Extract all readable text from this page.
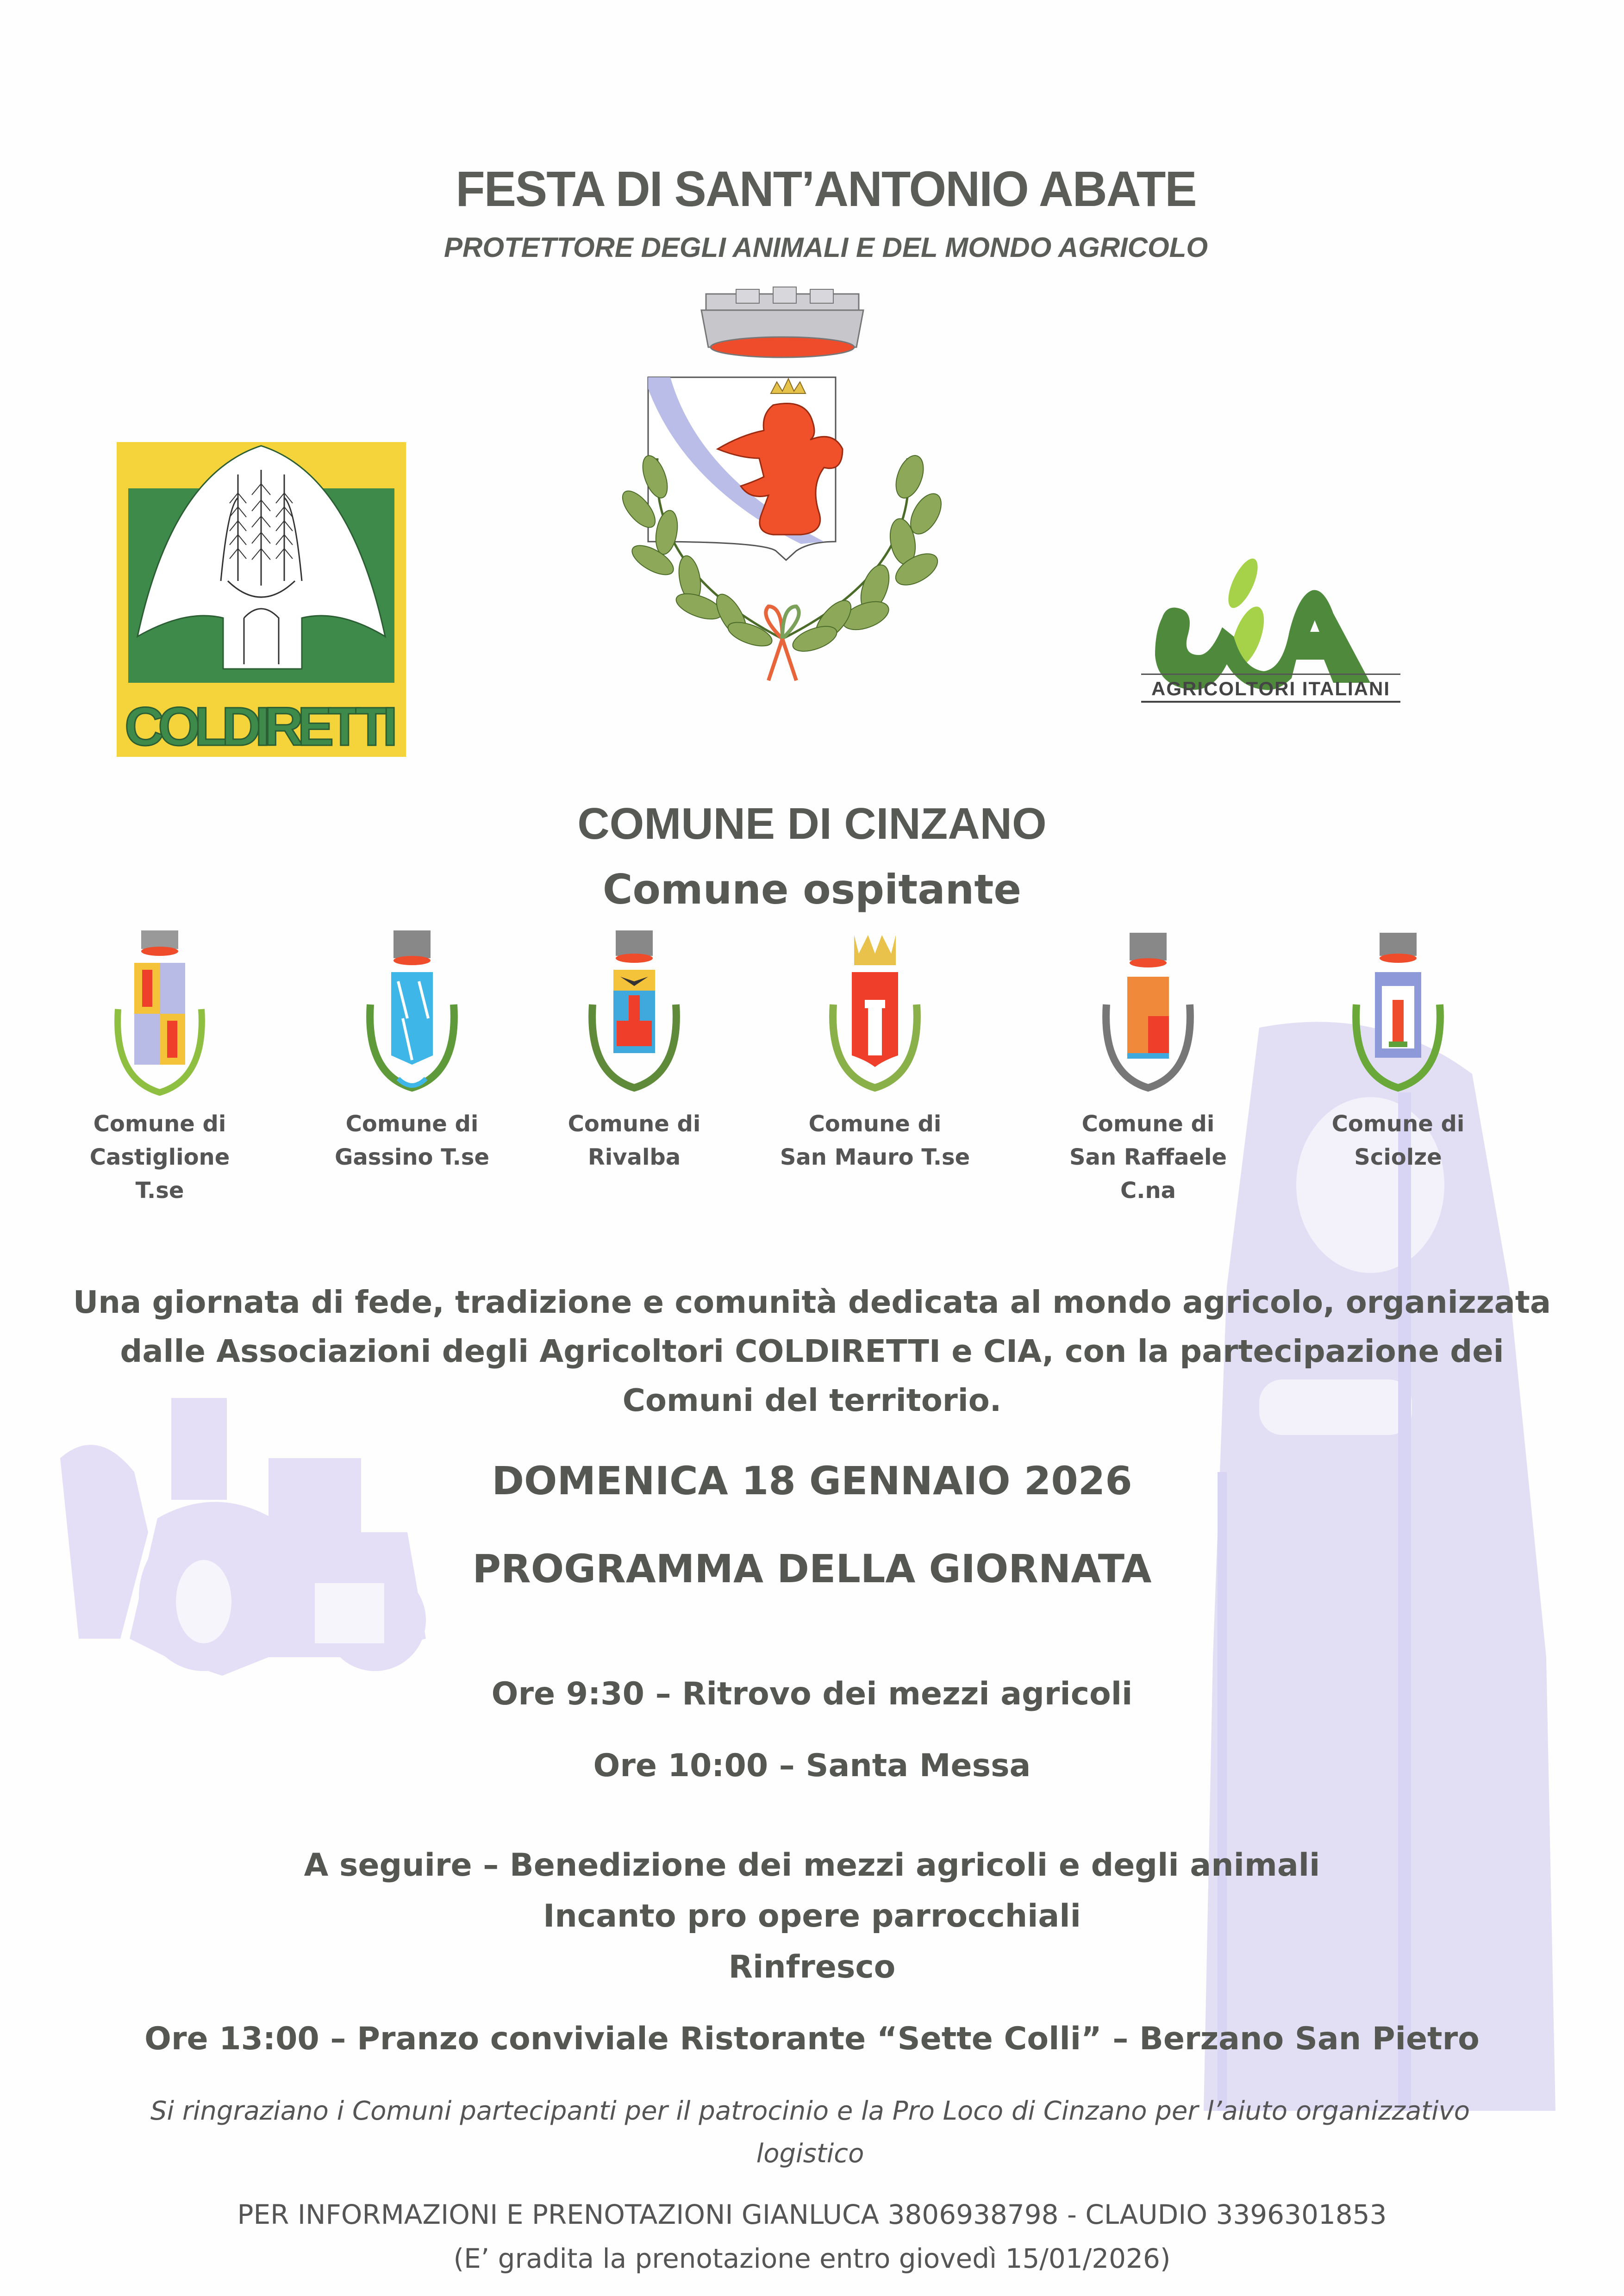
FESTA DI SANT’ANTONIO ABATE
PROTETTORE DEGLI ANIMALI E DEL MONDO AGRICOLO
COLDIRETTI
AGRICOLTORI ITALIANI
COMUNE DI CINZANO
Comune ospitante
Comune di
Castiglione T.se
Comune di
Gassino T.se
Comune di
Rivalba
Comune di
San Mauro T.se
Comune di
San Raffaele C.na
Comune di
Sciolze
Una giornata di fede, tradizione e comunità dedicata al mondo agricolo, organizzata
dalle Associazioni degli Agricoltori COLDIRETTI e CIA, con la partecipazione dei
Comuni del territorio.
DOMENICA 18 GENNAIO 2026
PROGRAMMA DELLA GIORNATA
Ore 9:30 – Ritrovo dei mezzi agricoli
Ore 10:00 – Santa Messa
A seguire – Benedizione dei mezzi agricoli e degli animali
Incanto pro opere parrocchiali
Rinfresco
Ore 13:00 – Pranzo conviviale Ristorante “Sette Colli” – Berzano San Pietro
Si ringraziano i Comuni partecipanti per il patrocinio e la Pro Loco di Cinzano per l’aiuto organizzativo
logistico
PER INFORMAZIONI E PRENOTAZIONI GIANLUCA 3806938798 - CLAUDIO 3396301853
(E’ gradita la prenotazione entro giovedì 15/01/2026)
